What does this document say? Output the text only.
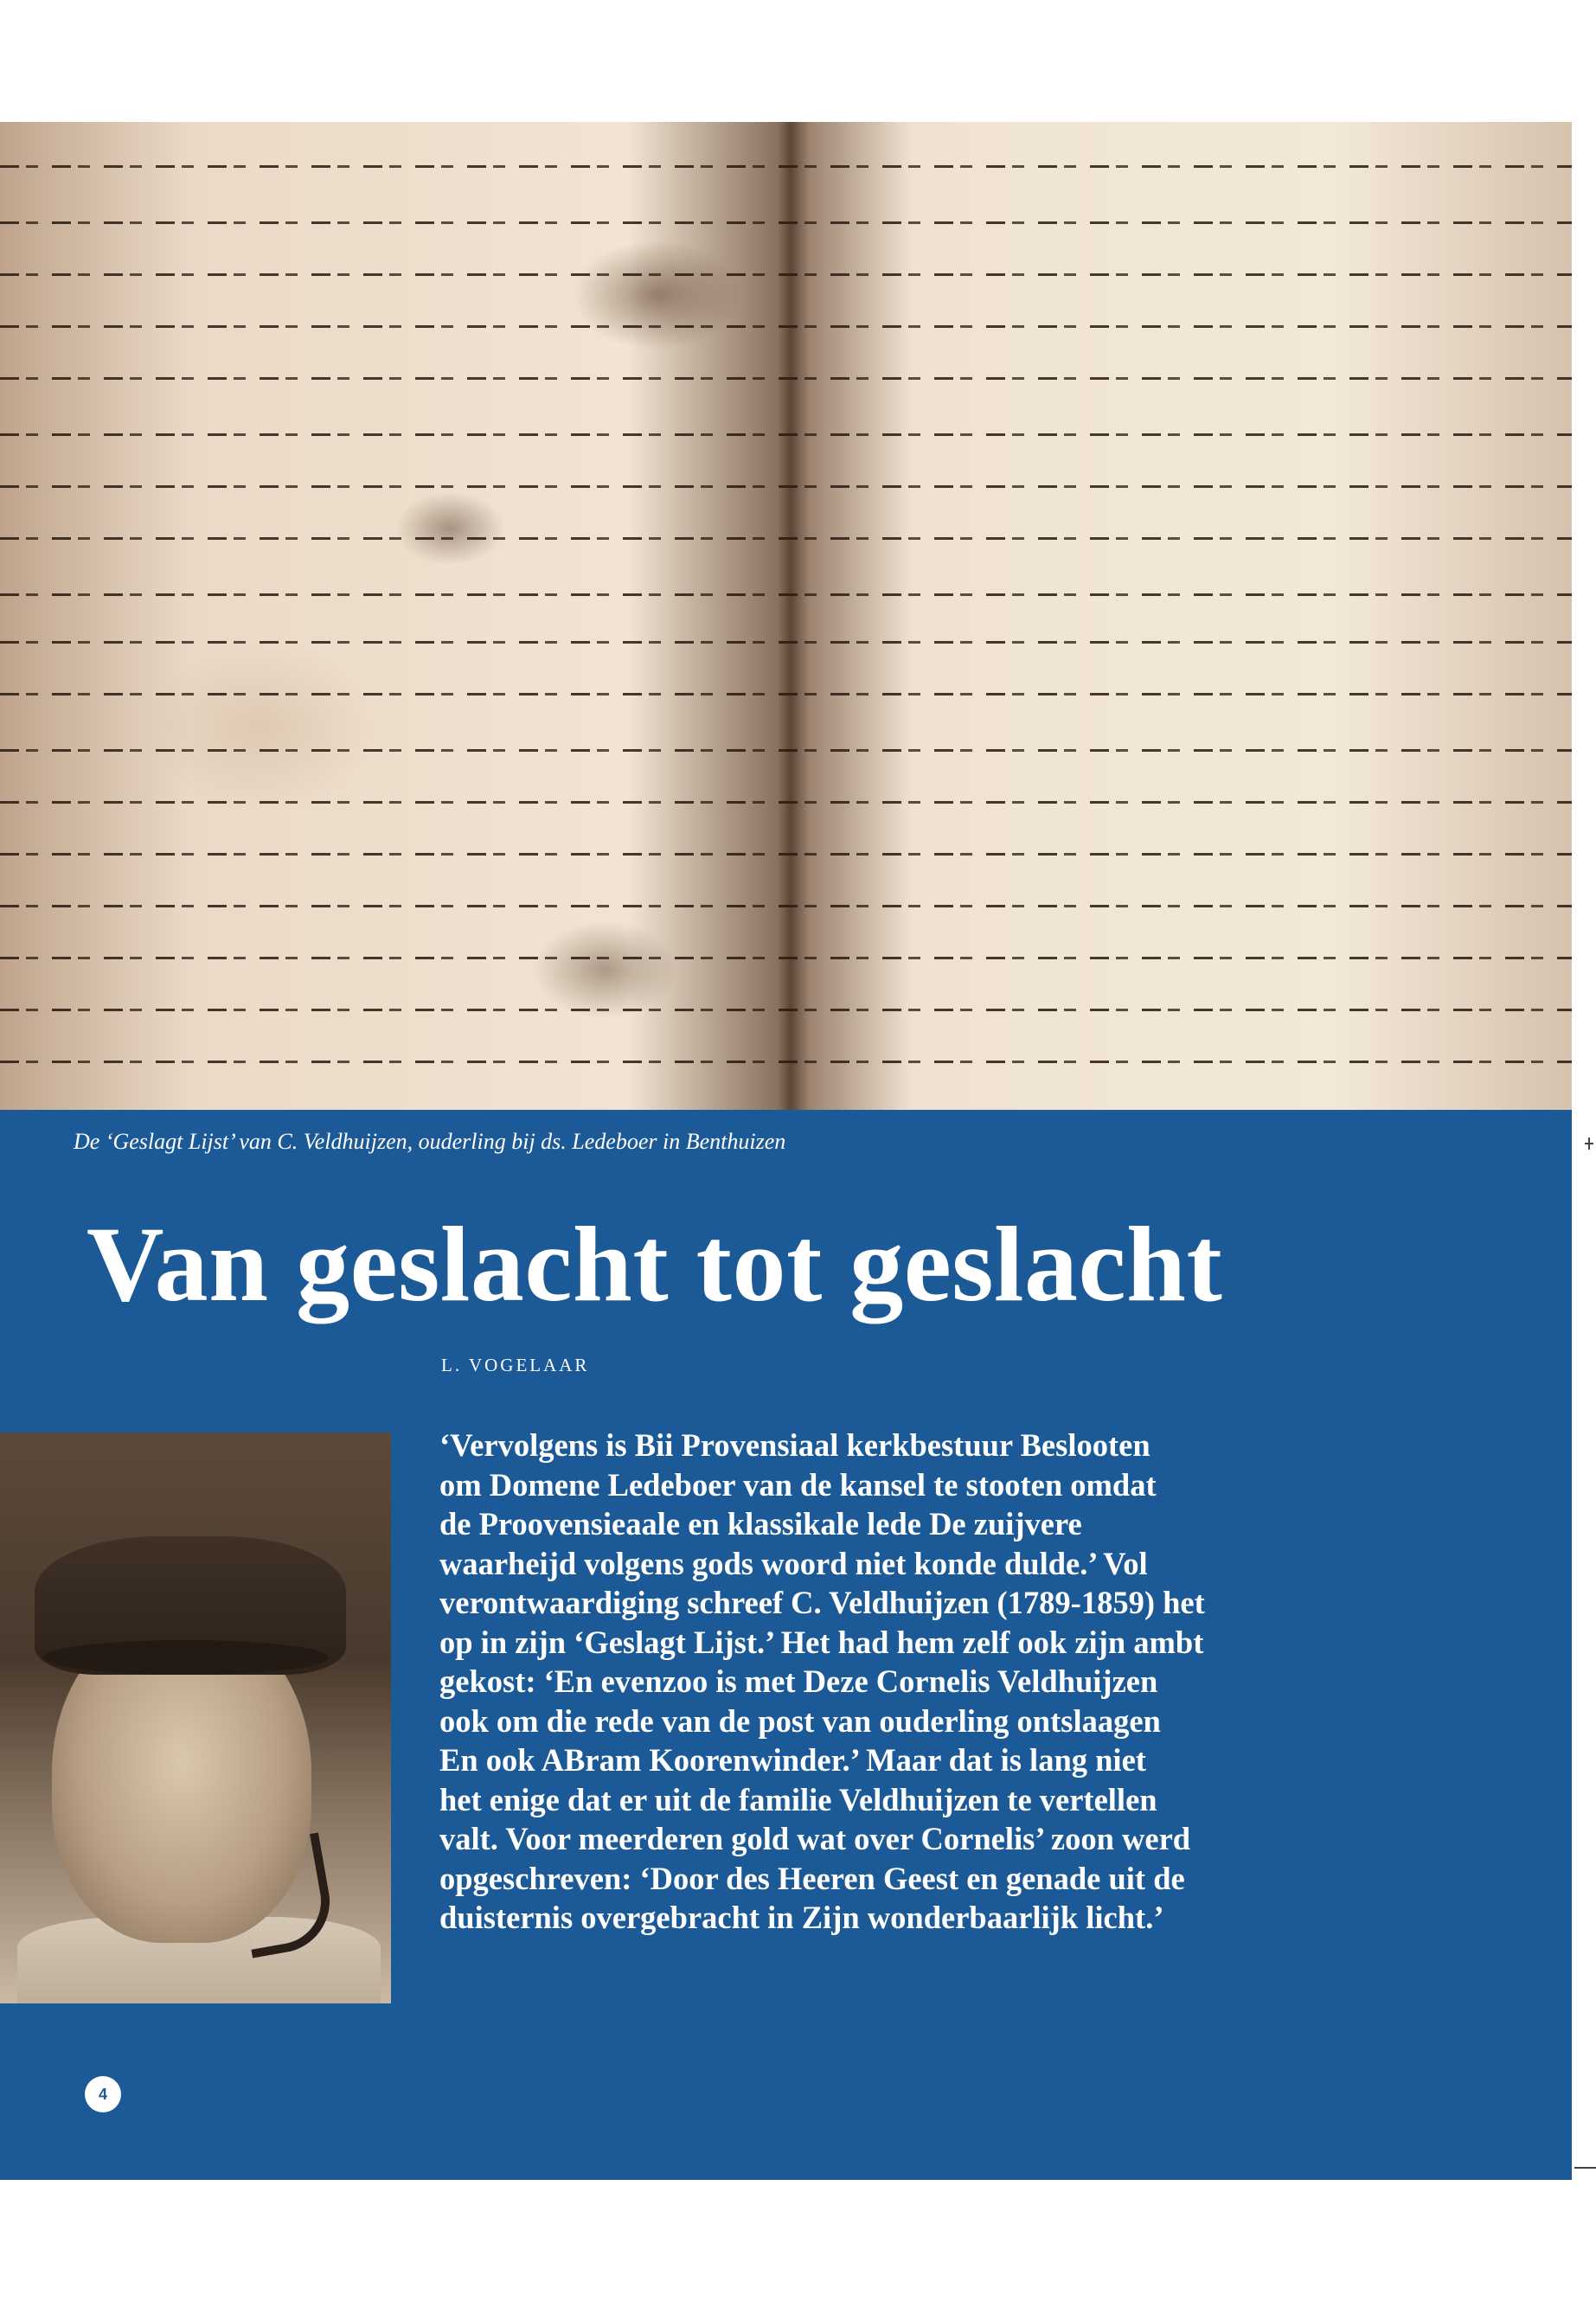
De ‘Geslagt Lijst’ van C. Veldhuijzen, ouderling bij ds. Ledeboer in Benthuizen
Van geslacht tot geslacht
L. VOGELAAR
‘Vervolgens is Bii Provensiaal kerkbestuur Beslooten
om Domene Ledeboer van de kansel te stooten omdat
de Proovensieaale en klassikale lede De zuijvere
waarheijd volgens gods woord niet konde dulde.’ Vol
verontwaardiging schreef C. Veldhuijzen (1789-1859) het
op in zijn ‘Geslagt Lijst.’ Het had hem zelf ook zijn ambt
gekost: ‘En evenzoo is met Deze Cornelis Veldhuijzen
ook om die rede van de post van ouderling ontslaagen
En ook ABram Koorenwinder.’ Maar dat is lang niet
het enige dat er uit de familie Veldhuijzen te vertellen
valt. Voor meerderen gold wat over Cornelis’ zoon werd
opgeschreven: ‘Door des Heeren Geest en genade uit de
duisternis overgebracht in Zijn wonderbaarlijk licht.’
4
